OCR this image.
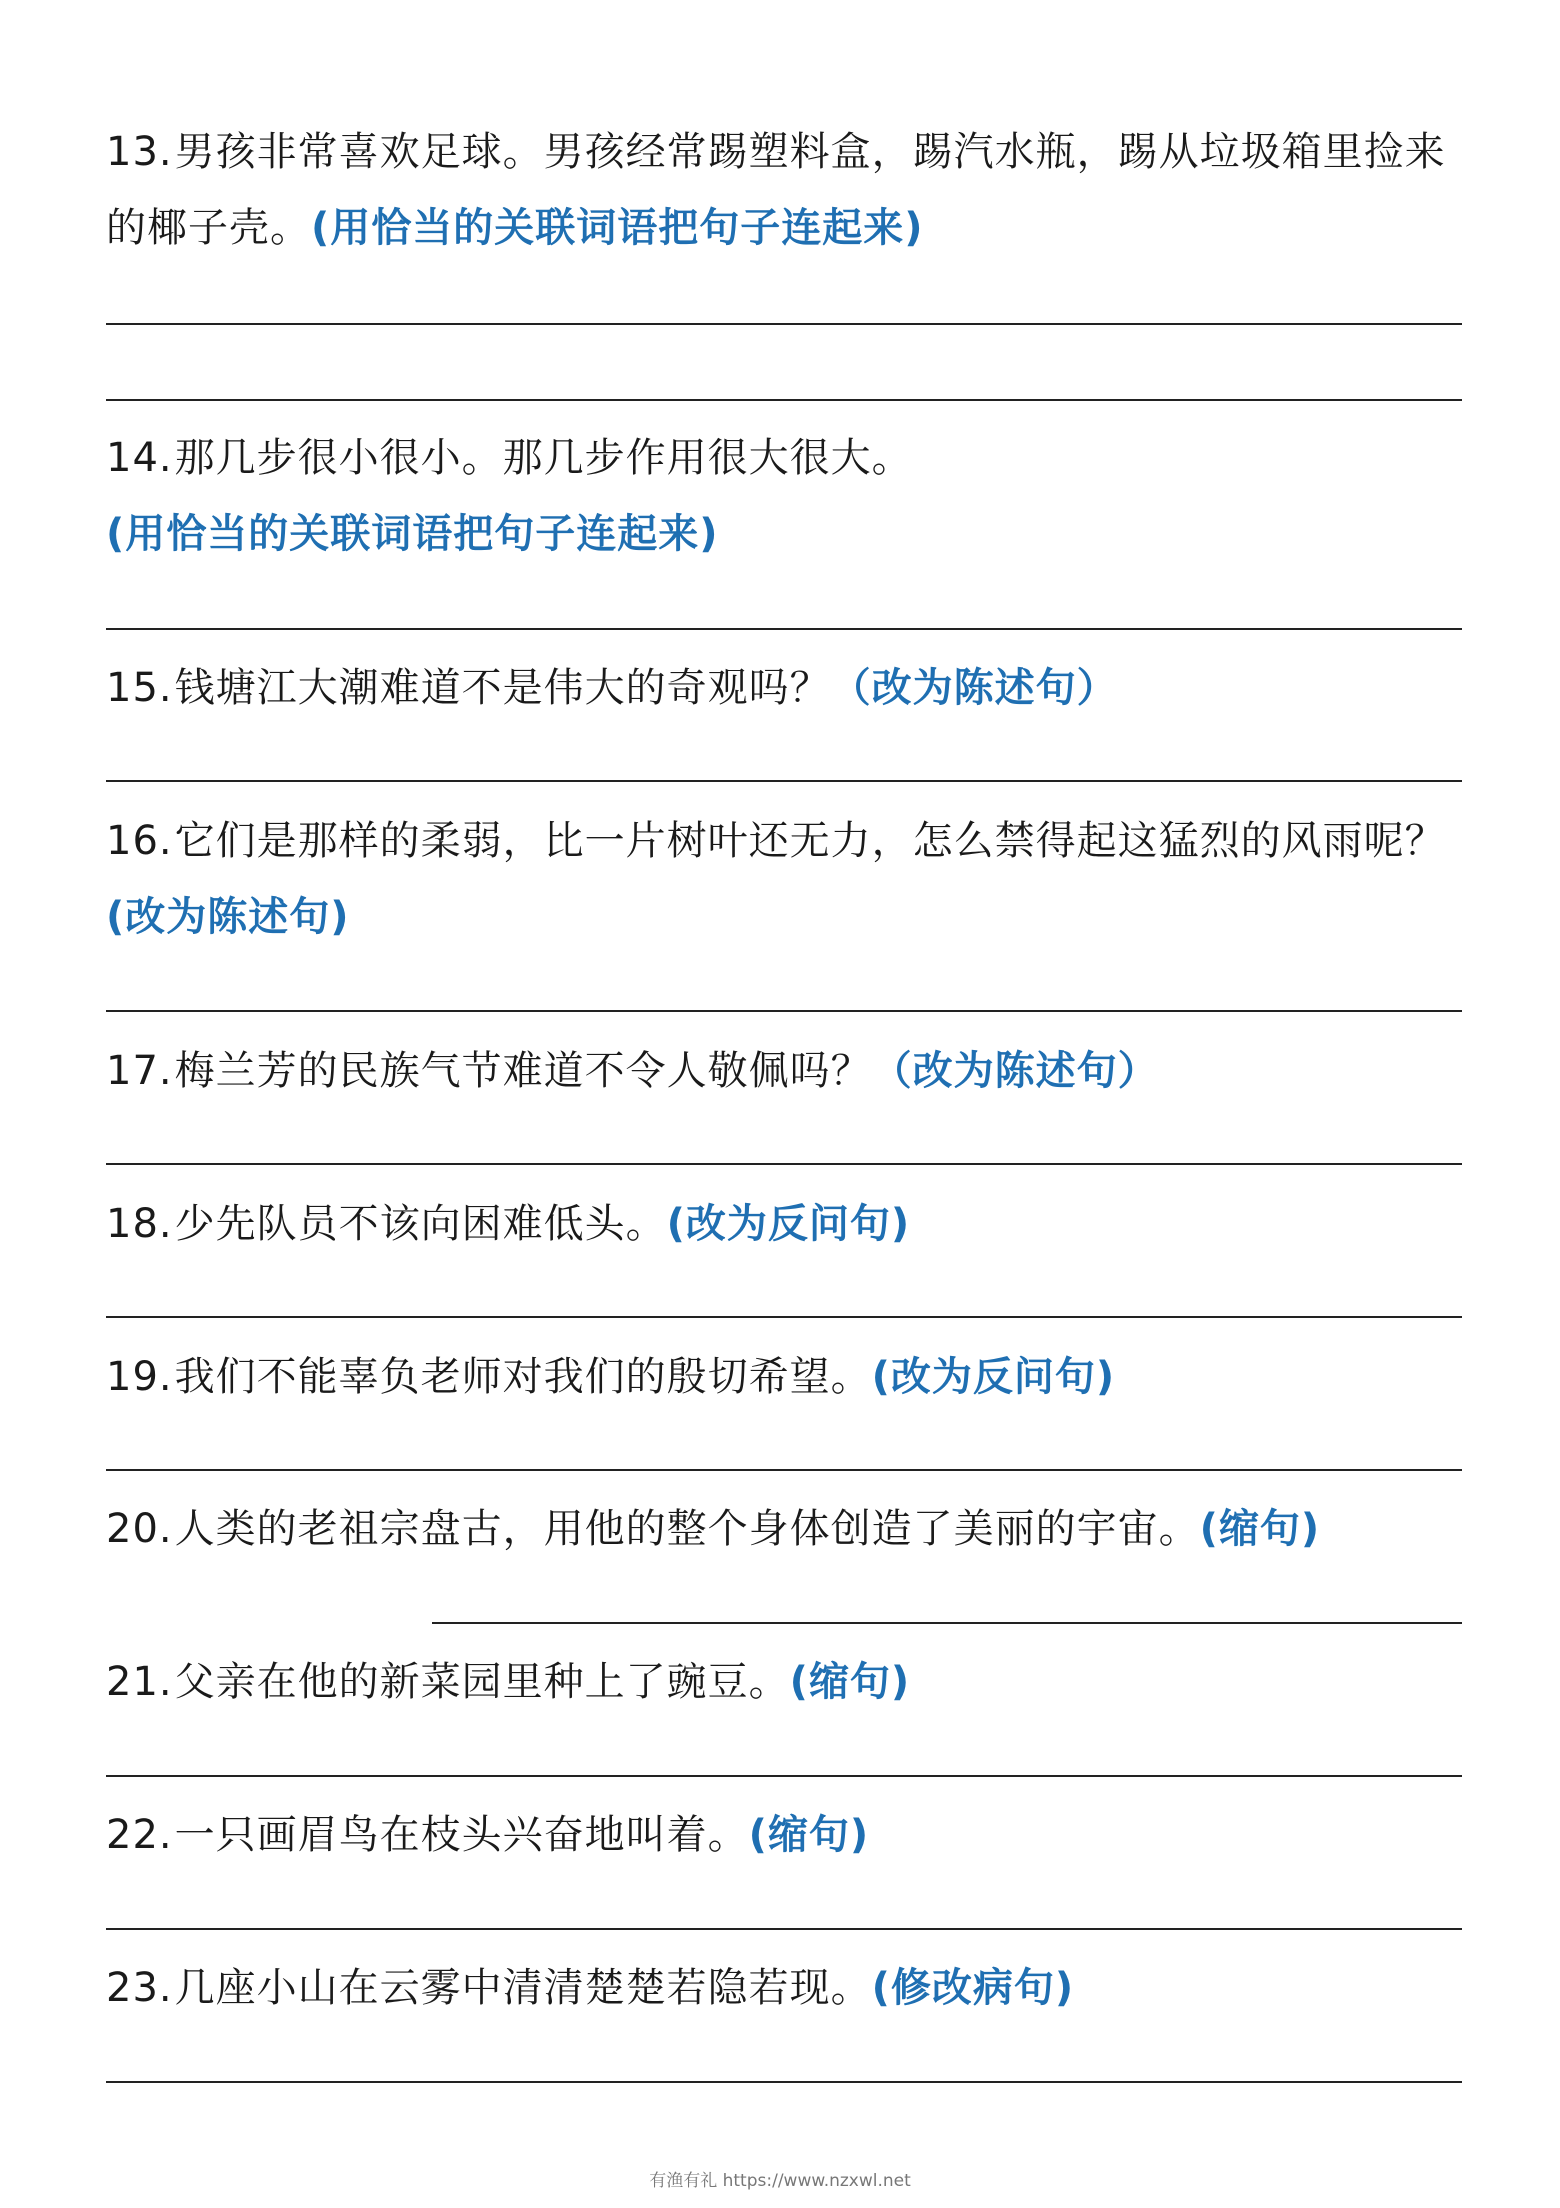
13.男孩非常喜欢足球。男孩经常踢塑料盒，踢汽水瓶，踢从垃圾箱里捡来的椰子壳。(用恰当的关联词语把句子连起来)
14.那几步很小很小。那几步作用很大很大。
(用恰当的关联词语把句子连起来)
15.钱塘江大潮难道不是伟大的奇观吗？（改为陈述句）
16.它们是那样的柔弱，比一片树叶还无力，怎么禁得起这猛烈的风雨呢？
(改为陈述句)
17.梅兰芳的民族气节难道不令人敬佩吗？（改为陈述句）
18.少先队员不该向困难低头。(改为反问句)
19.我们不能辜负老师对我们的殷切希望。(改为反问句)
20.人类的老祖宗盘古，用他的整个身体创造了美丽的宇宙。(缩句)
21.父亲在他的新菜园里种上了豌豆。(缩句)
22.一只画眉鸟在枝头兴奋地叫着。(缩句)
23.几座小山在云雾中清清楚楚若隐若现。(修改病句)
有渔有礼 https://www.nzxwl.net
